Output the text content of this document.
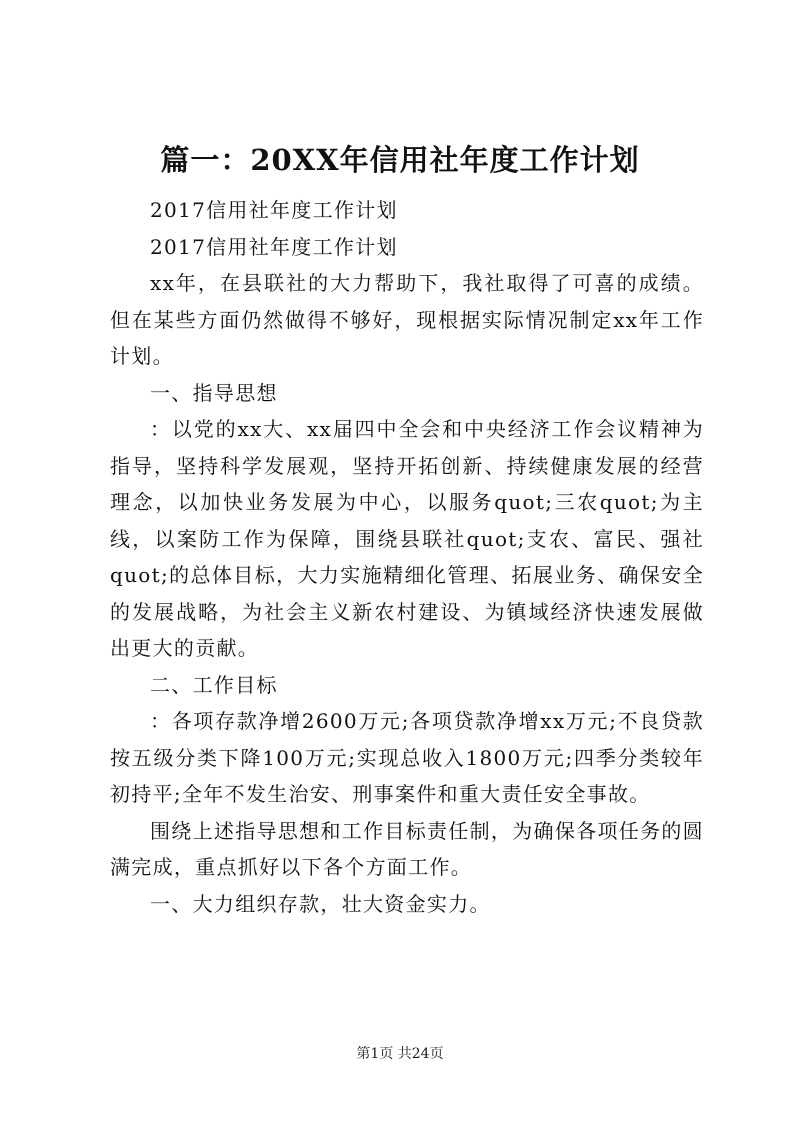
篇一：20XX年信用社年度工作计划

2017信用社年度工作计划

2017信用社年度工作计划

xx年，在县联社的大力帮助下，我社取得了可喜的成绩。但在某些方面仍然做得不够好，现根据实际情况制定xx年工作计划。

一、指导思想

：以党的xx大、xx届四中全会和中央经济工作会议精神为指导，坚持科学发展观，坚持开拓创新、持续健康发展的经营理念，以加快业务发展为中心，以服务quot;三农quot;为主线，以案防工作为保障，围绕县联社quot;支农、富民、强社quot;的总体目标，大力实施精细化管理、拓展业务、确保安全的发展战略，为社会主义新农村建设、为镇域经济快速发展做出更大的贡献。

二、工作目标

：各项存款净增2600万元;各项贷款净增xx万元;不良贷款按五级分类下降100万元;实现总收入1800万元;四季分类较年初持平;全年不发生治安、刑事案件和重大责任安全事故。

围绕上述指导思想和工作目标责任制，为确保各项任务的圆满完成，重点抓好以下各个方面工作。

一、大力组织存款，壮大资金实力。

第1页 共24页
